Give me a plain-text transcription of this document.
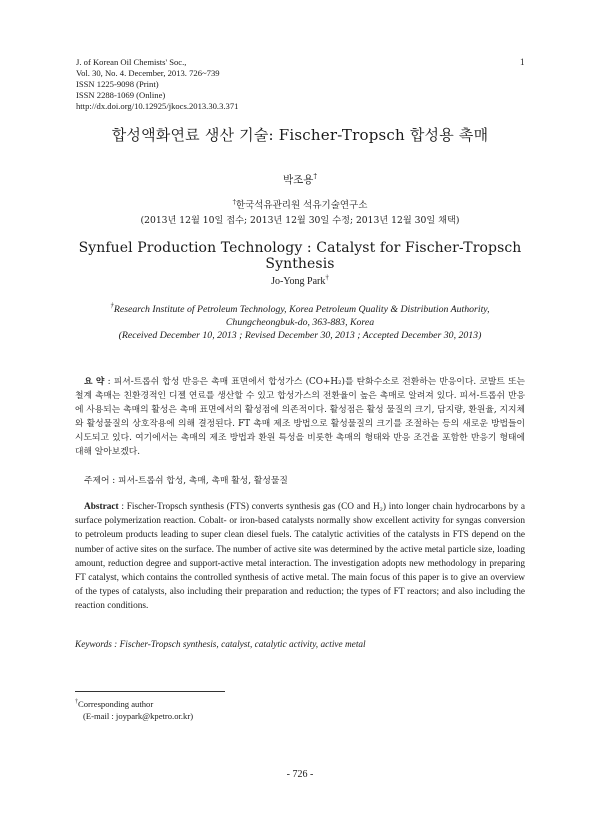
J. of Korean Oil Chemists' Soc.,
Vol. 30, No. 4. December, 2013. 726~739
ISSN 1225-9098 (Print)
ISSN 2288-1069 (Online)
http://dx.doi.org/10.12925/jkocs.2013.30.3.371
1
합성액화연료 생산 기술: Fischer-Tropsch 합성용 촉매
박조용†
†한국석유관리원 석유기술연구소
(2013년 12월 10일 접수; 2013년 12월 30일 수정; 2013년 12월 30일 채택)
Synfuel Production Technology : Catalyst for Fischer-Tropsch Synthesis
Jo-Yong Park†
†Research Institute of Petroleum Technology, Korea Petroleum Quality & Distribution Authority,
Chungcheongbuk-do, 363-883, Korea
(Received December 10, 2013 ; Revised December 30, 2013 ; Accepted December 30, 2013)

요 약 : 피셔-트롭쉬 합성 반응은 촉매 표면에서 합성가스 (CO+H₂)를 탄화수소로 전환하는 반응이다. 코발트 또는 철계 촉매는 친환경적인 디젤 연료를 생산할 수 있고 합성가스의 전환율이 높은 촉매로 알려져 있다. 피셔-트롭쉬 반응에 사용되는 촉매의 활성은 촉매 표면에서의 활성점에 의존적이다. 활성점은 활성 물질의 크기, 담지량, 환원율, 지지체와 활성물질의 상호작용에 의해 결정된다. FT 촉매 제조 방법으로 활성물질의 크기를 조절하는 등의 새로운 방법들이 시도되고 있다. 여기에서는 촉매의 제조 방법과 환원 특성을 비롯한 촉매의 형태와 반응 조건을 포함한 반응기 형태에 대해 알아보겠다.

주제어 : 피셔-트롭쉬 합성, 촉매, 촉매 활성, 활성물질

Abstract : Fischer-Tropsch synthesis (FTS) converts synthesis gas (CO and H₂) into longer chain hydrocarbons by a surface polymerization reaction. Cobalt- or iron-based catalysts normally show excellent activity for syngas conversion to petroleum products leading to super clean diesel fuels. The catalytic activities of the catalysts in FTS depend on the number of active sites on the surface. The number of active site was determined by the active metal particle size, loading amount, reduction degree and support-active metal interaction. The investigation adopts new methodology in preparing FT catalyst, which contains the controlled synthesis of active metal. The main focus of this paper is to give an overview of the types of catalysts, also including their preparation and reduction; the types of FT reactors; and also including the reaction conditions.

Keywords : Fischer-Tropsch synthesis, catalyst, catalytic activity, active metal
†Corresponding author
(E-mail : joypark@kpetro.or.kr)
- 726 -
